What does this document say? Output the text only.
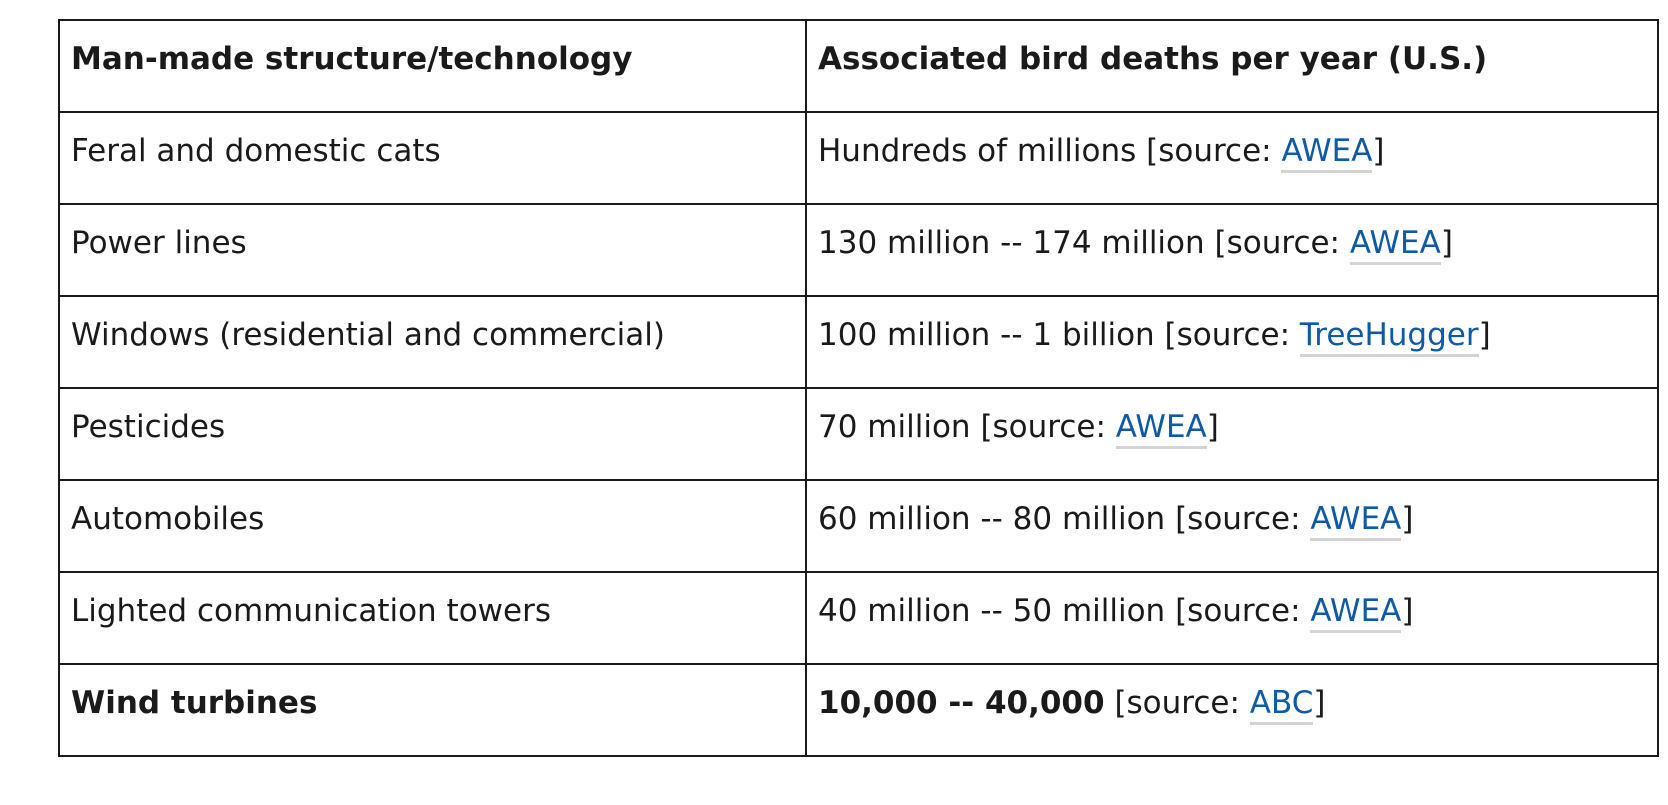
Man-made structure/technology	Associated bird deaths per year (U.S.)
Feral and domestic cats	Hundreds of millions [source: AWEA]
Power lines	130 million -- 174 million [source: AWEA]
Windows (residential and commercial)	100 million -- 1 billion [source: TreeHugger]
Pesticides	70 million [source: AWEA]
Automobiles	60 million -- 80 million [source: AWEA]
Lighted communication towers	40 million -- 50 million [source: AWEA]
Wind turbines	10,000 -- 40,000 [source: ABC]
